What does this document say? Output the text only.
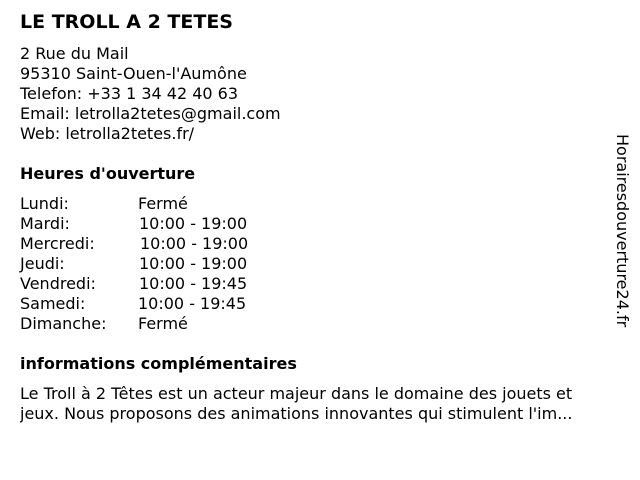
LE TROLL A 2 TETES
2 Rue du Mail
95310 Saint-Ouen-l'Aumône
Telefon: +33 1 34 42 40 63
Email: letrolla2tetes@gmail.com
Web: letrolla2tetes.fr/
Heures d'ouverture
Lundi:	Fermé
Mardi:	10:00 - 19:00
Mercredi:	10:00 - 19:00
Jeudi:	10:00 - 19:00
Vendredi:	10:00 - 19:45
Samedi:	10:00 - 19:45
Dimanche: Fermé
informations complémentaires
Le Troll à 2 Têtes est un acteur majeur dans le domaine des jouets et
jeux. Nous proposons des animations innovantes qui stimulent l'im...
Horairesdouverture24.fr
